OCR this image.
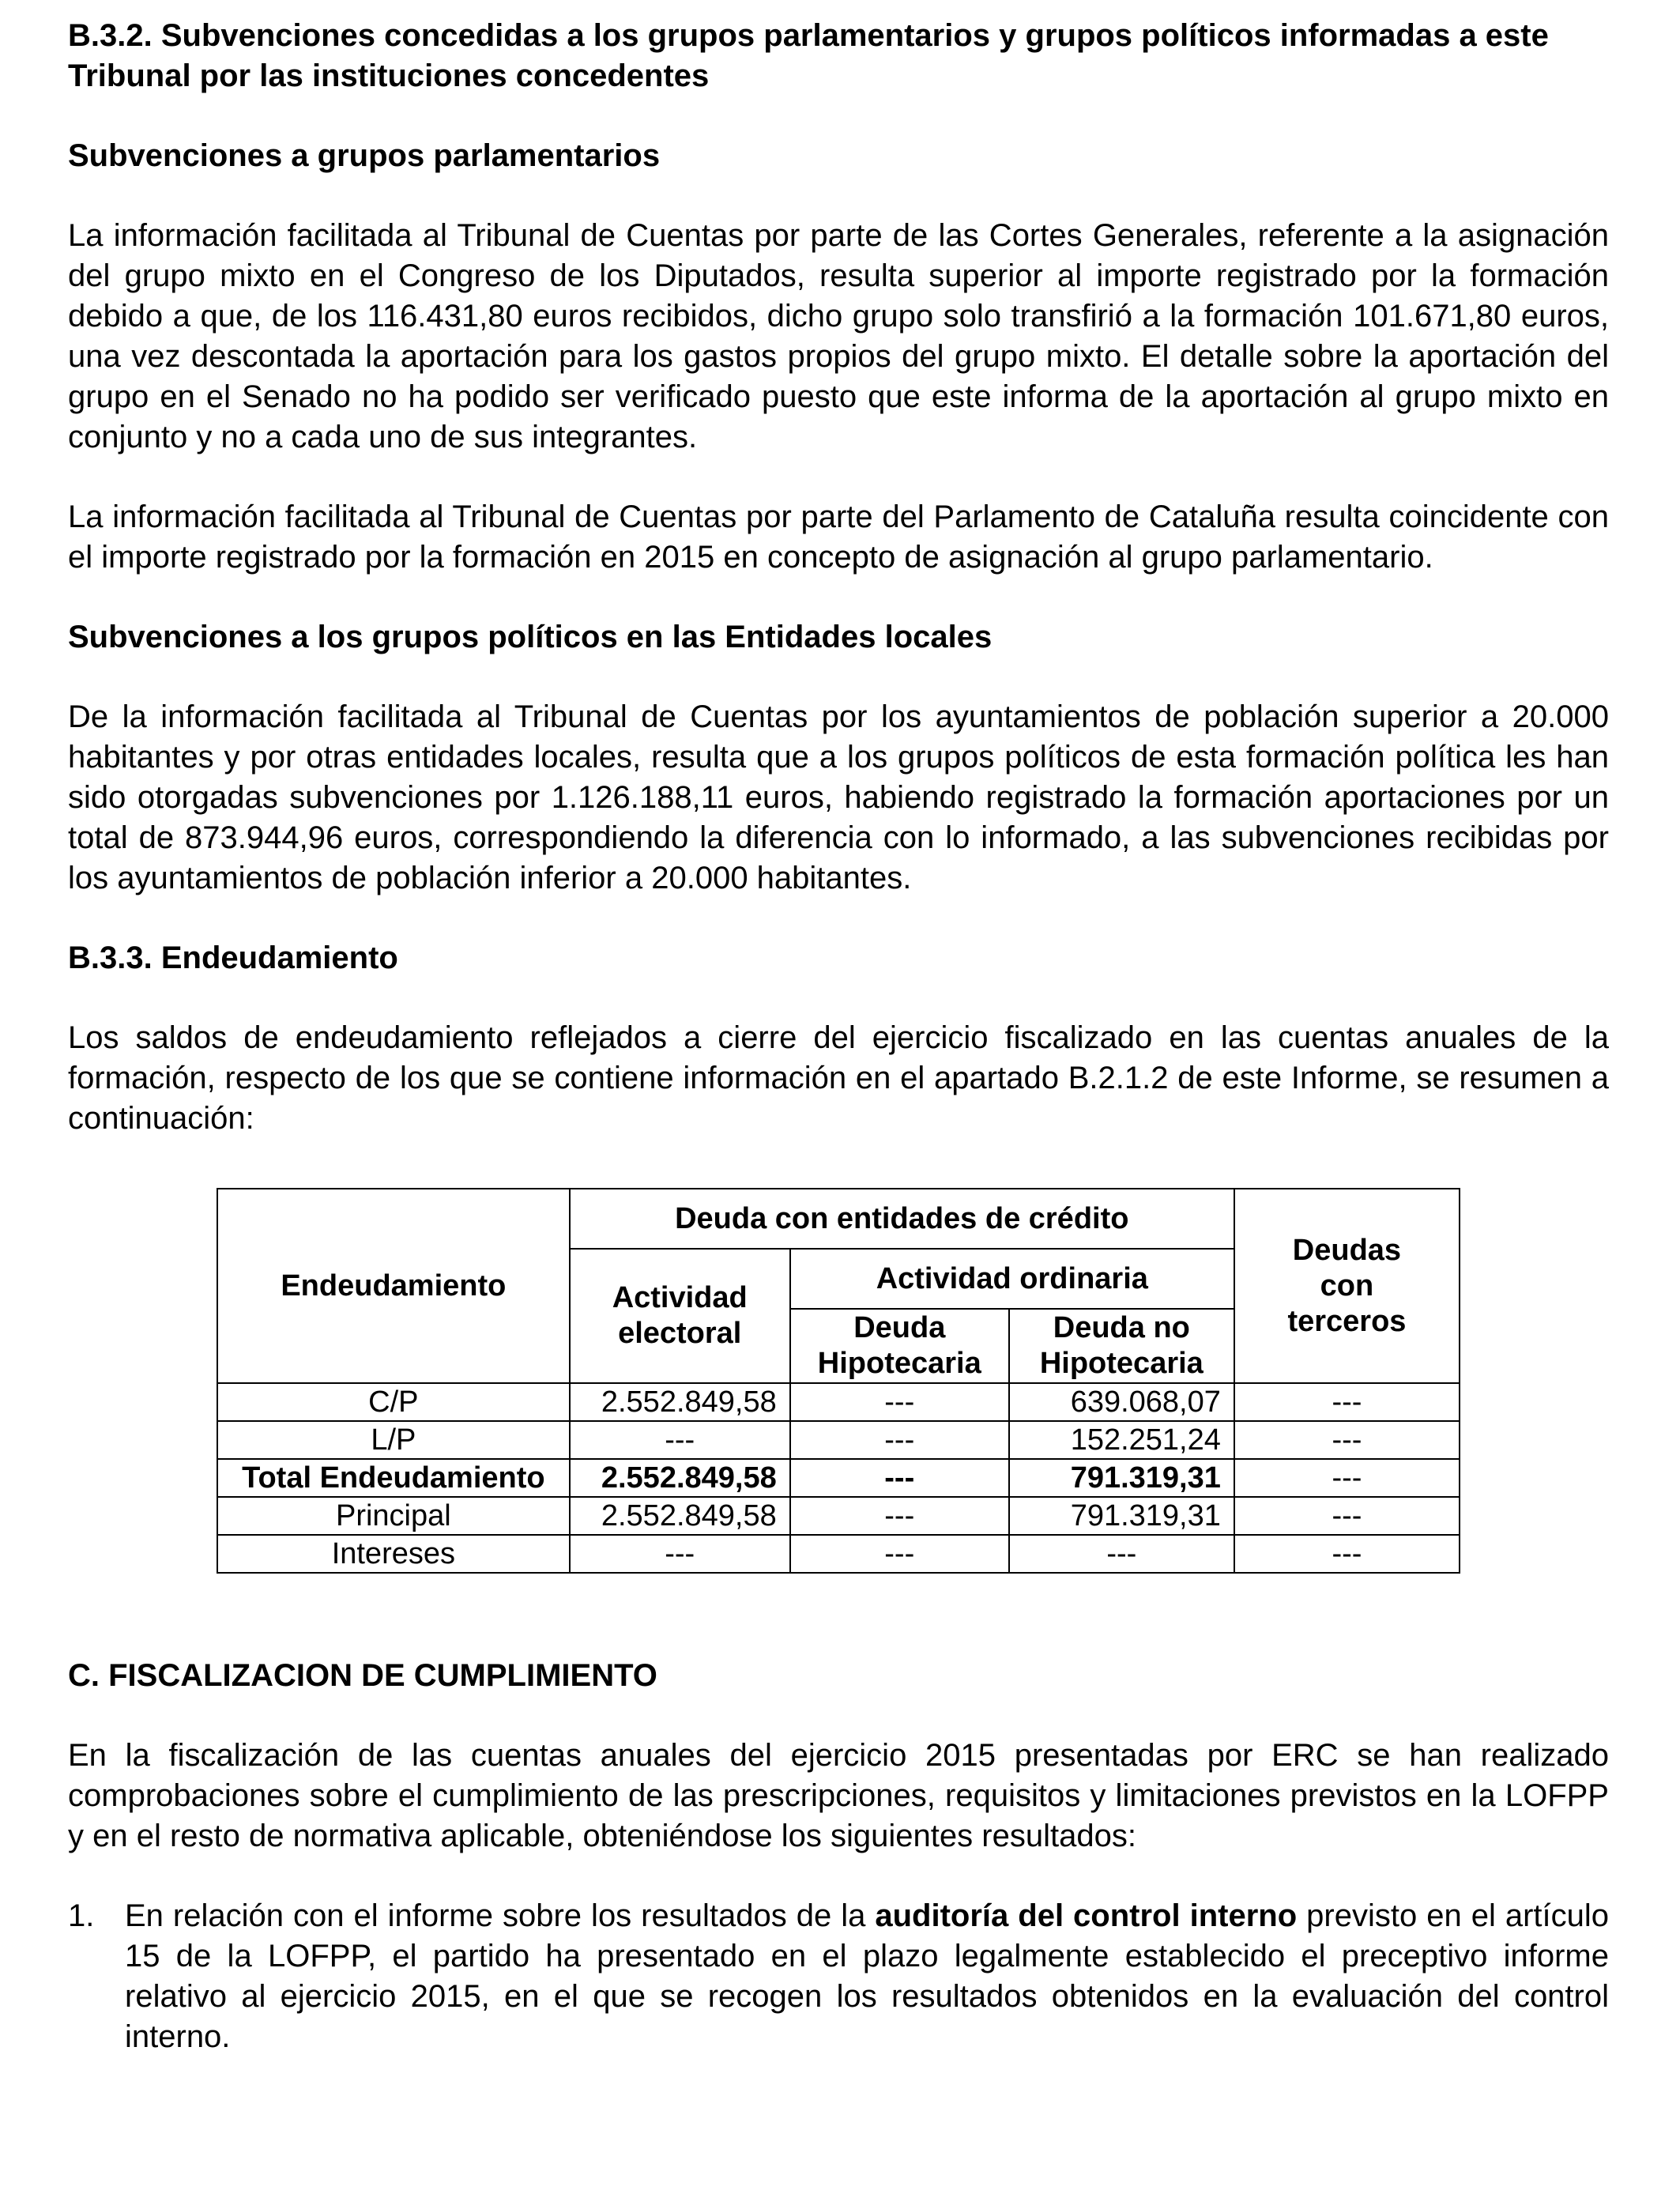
B.3.2. Subvenciones concedidas a los grupos parlamentarios y grupos políticos informadas a este Tribunal por las instituciones concedentes

Subvenciones a grupos parlamentarios

La información facilitada al Tribunal de Cuentas por parte de las Cortes Generales, referente a la asignación del grupo mixto en el Congreso de los Diputados, resulta superior al importe registrado por la formación debido a que, de los 116.431,80 euros recibidos, dicho grupo solo transfirió a la formación 101.671,80 euros, una vez descontada la aportación para los gastos propios del grupo mixto. El detalle sobre la aportación del grupo en el Senado no ha podido ser verificado puesto que este informa de la aportación al grupo mixto en conjunto y no a cada uno de sus integrantes.

La información facilitada al Tribunal de Cuentas por parte del Parlamento de Cataluña resulta coincidente con el importe registrado por la formación en 2015 en concepto de asignación al grupo parlamentario.

Subvenciones a los grupos políticos en las Entidades locales

De la información facilitada al Tribunal de Cuentas por los ayuntamientos de población superior a 20.000 habitantes y por otras entidades locales, resulta que a los grupos políticos de esta formación política les han sido otorgadas subvenciones por 1.126.188,11 euros, habiendo registrado la formación aportaciones por un total de 873.944,96 euros, correspondiendo la diferencia con lo informado, a las subvenciones recibidas por los ayuntamientos de población inferior a 20.000 habitantes.

B.3.3. Endeudamiento

Los saldos de endeudamiento reflejados a cierre del ejercicio fiscalizado en las cuentas anuales de la formación, respecto de los que se contiene información en el apartado B.2.1.2 de este Informe, se resumen a continuación:

Endeudamiento	Deuda con entidades de crédito			Deudas con terceros

	Actividad electoral	Actividad ordinaria		

		Deuda Hipotecaria	Deuda no Hipotecaria	

C/P	2.552.849,58	---	639.068,07	---
L/P	---	---	152.251,24	---
Total Endeudamiento	2.552.849,58	---	791.319,31	---
Principal	2.552.849,58	---	791.319,31	---
Intereses	---	---	---	---

C. FISCALIZACION DE CUMPLIMIENTO

En la fiscalización de las cuentas anuales del ejercicio 2015 presentadas por ERC se han realizado comprobaciones sobre el cumplimiento de las prescripciones, requisitos y limitaciones previstos en la LOFPP y en el resto de normativa aplicable, obteniéndose los siguientes resultados:

1. En relación con el informe sobre los resultados de la auditoría del control interno previsto en el artículo 15 de la LOFPP, el partido ha presentado en el plazo legalmente establecido el preceptivo informe relativo al ejercicio 2015, en el que se recogen los resultados obtenidos en la evaluación del control interno.
